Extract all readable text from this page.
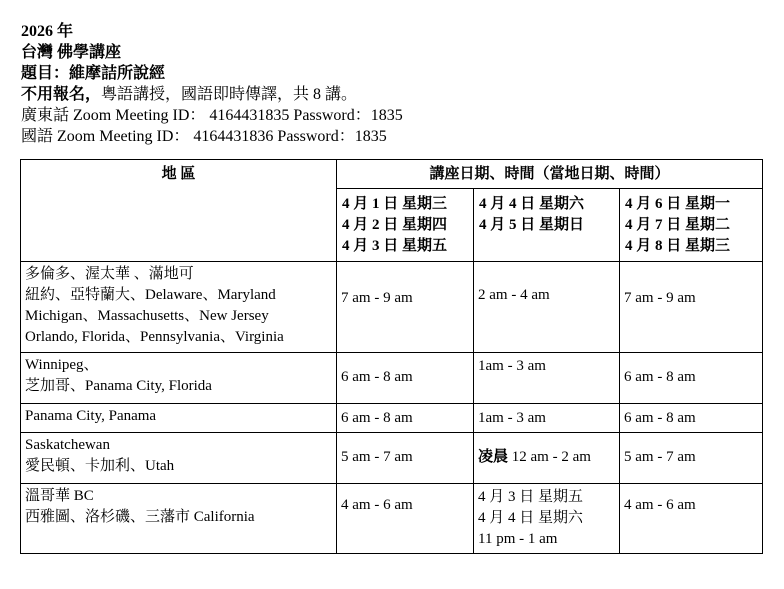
2026 年
台灣 佛學講座
題目：維摩詰所說經
不用報名，粵語講授，國語即時傳譯，共 8 講。
廣東話 Zoom Meeting ID： 4164431835 Password：1835
國語 Zoom Meeting ID： 4164431836 Password：1835
地 區	講座日期、時間（當地日期、時間）		

	4 月 1 日 星期三
4 月 2 日 星期四
4 月 3 日 星期五	4 月 4 日 星期六
4 月 5 日 星期日	4 月 6 日 星期一
4 月 7 日 星期二
4 月 8 日 星期三

多倫多、渥太華 、滿地可
紐約、亞特蘭大、Delaware、Maryland
Michigan、Massachusetts、New Jersey
Orlando, Florida、Pennsylvania、Virginia	7 am - 9 am	2 am - 4 am	7 am - 9 am

Winnipeg、
芝加哥、Panama City, Florida	6 am - 8 am	1am - 3 am	6 am - 8 am

Panama City, Panama	6 am - 8 am	1am - 3 am	6 am - 8 am

Saskatchewan
愛民頓、卡加利、Utah	5 am - 7 am	凌晨 12 am - 2 am	5 am - 7 am

溫哥華 BC
西雅圖、洛杉磯、三藩市 California	4 am - 6 am	4 月 3 日 星期五
4 月 4 日 星期六
11 pm - 1 am	4 am - 6 am
